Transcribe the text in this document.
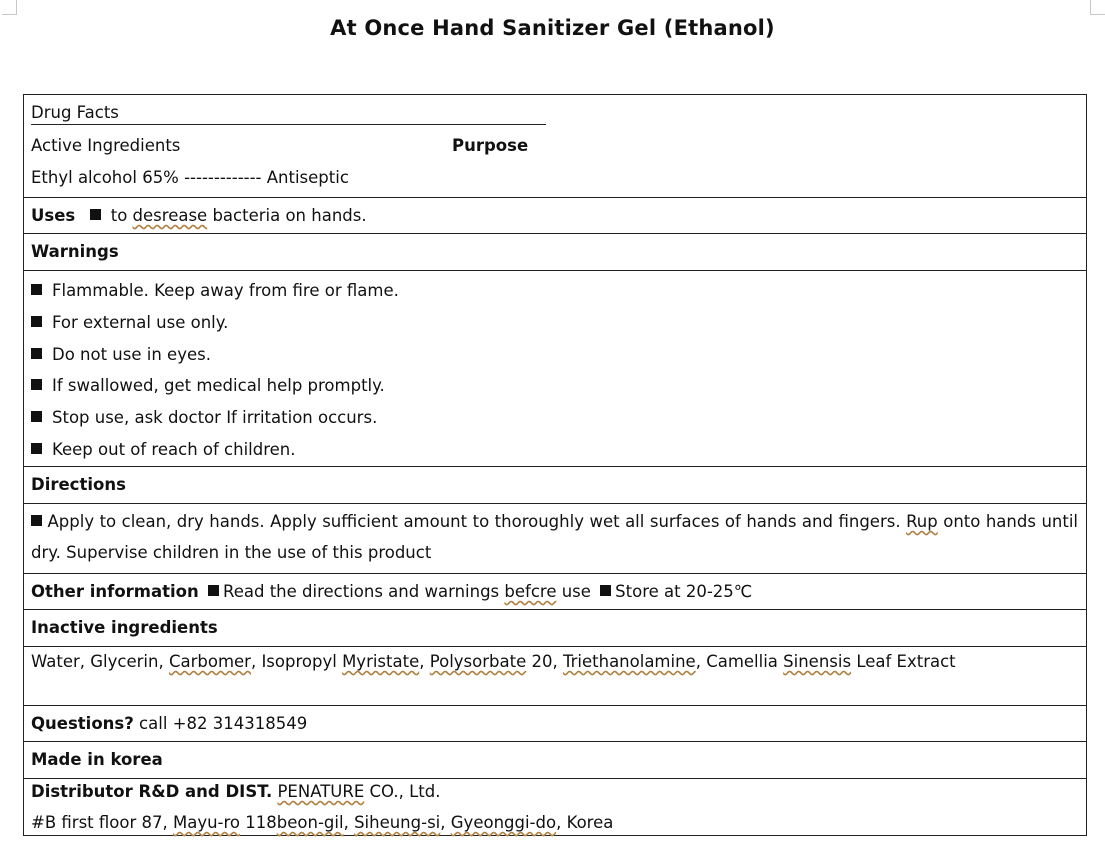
At Once Hand Sanitizer Gel (Ethanol)
Drug Facts
Active Ingredients	Purpose
Ethyl alcohol 65% ------------- Antiseptic
Uses  to desrease bacteria on hands.
Warnings
Flammable. Keep away from fire or flame.
For external use only.
Do not use in eyes.
If swallowed, get medical help promptly.
Stop use, ask doctor If irritation occurs.
Keep out of reach of children.
Directions
Apply to clean, dry hands. Apply sufficient amount to thoroughly wet all surfaces of hands and fingers. Rup onto hands until dry. Supervise children in the use of this product
Other information Read the directions and warnings befcre use Store at 20-25℃
Inactive ingredients
Water, Glycerin, Carbomer, Isopropyl Myristate, Polysorbate 20, Triethanolamine, Camellia Sinensis Leaf Extract
Questions? call +82 314318549
Made in korea
Distributor R&D and DIST. PENATURE CO., Ltd.
#B first floor 87, Mayu-ro 118beon-gil, Siheung-si, Gyeonggi-do, Korea
